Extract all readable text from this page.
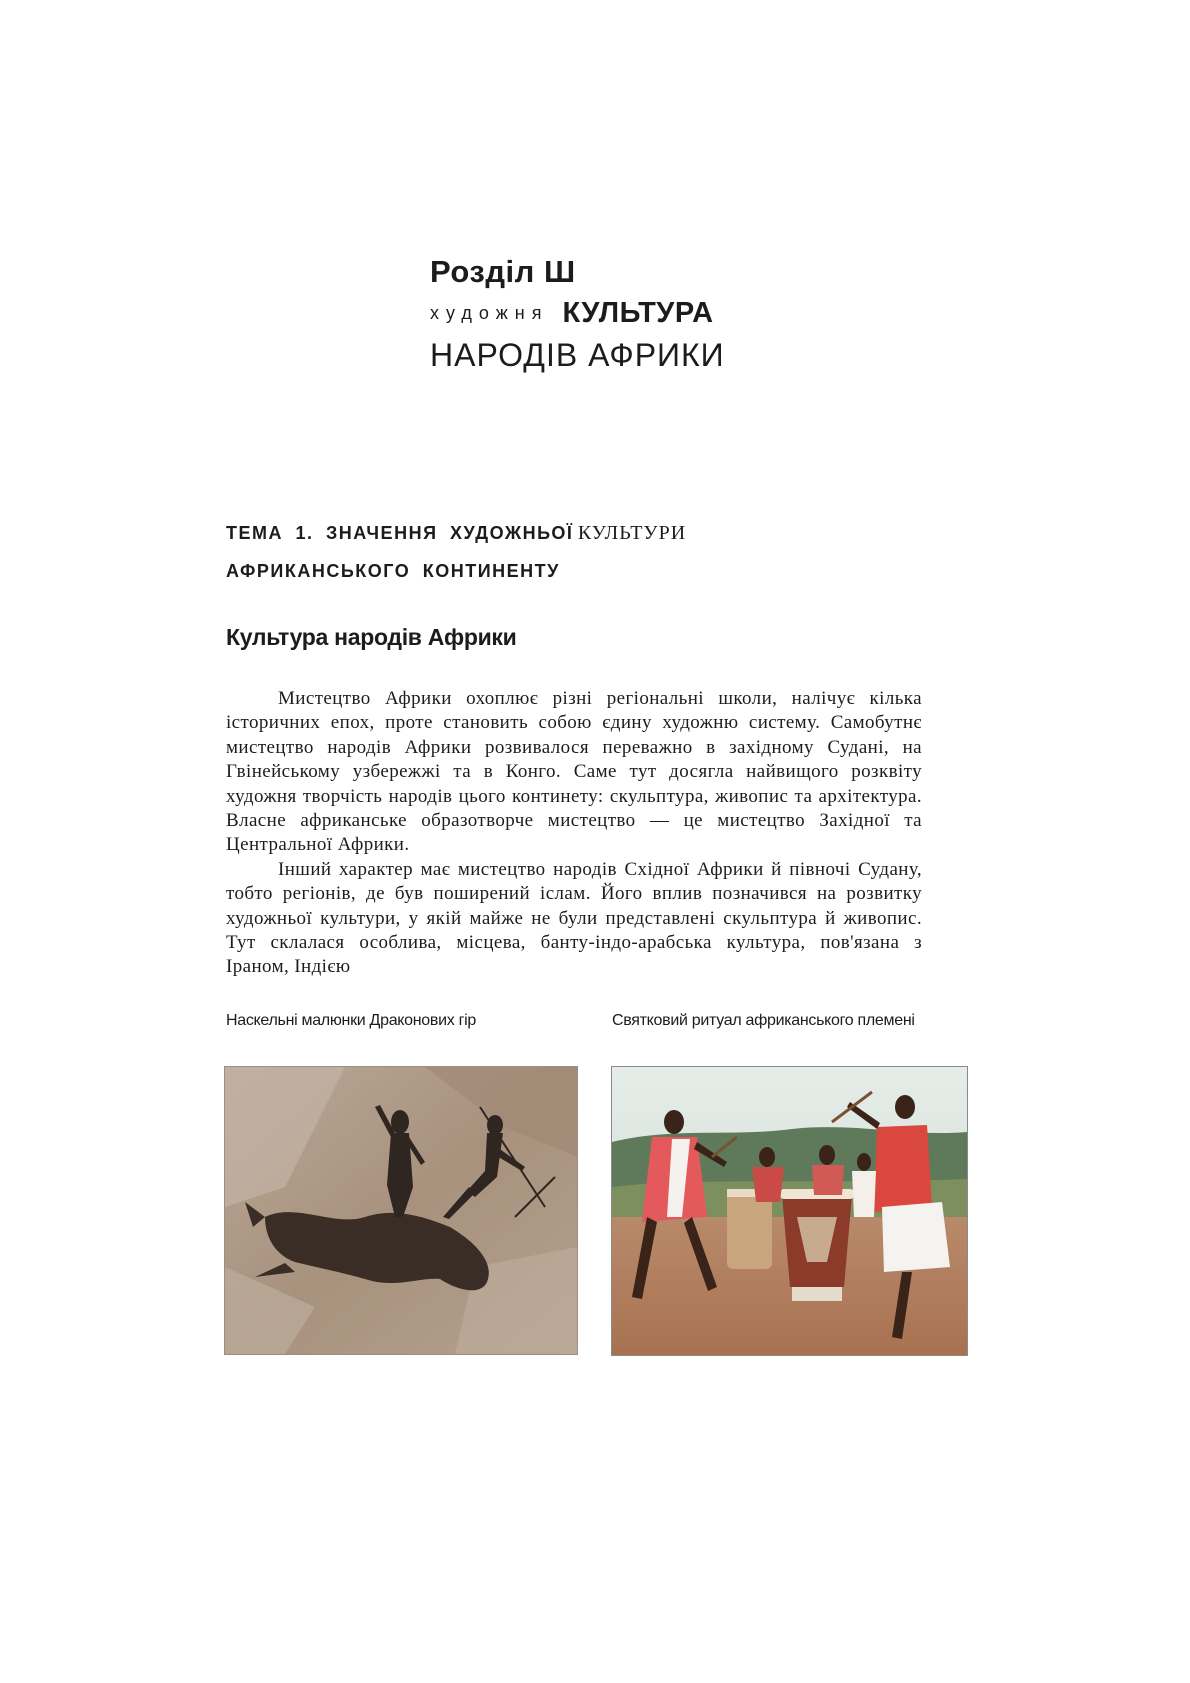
Розділ Ш
художня КУЛЬТУРА
НАРОДІВ АФРИКИ
ТЕМА 1. ЗНАЧЕННЯ ХУДОЖНЬОЇ КУЛЬТУРИ
АФРИКАНСЬКОГО КОНТИНЕНТУ
Культура народів Африки

Мистецтво Африки охоплює різні регіональні школи, налічує кілька історичних епох, проте становить собою єдину художню систему. Самобутнє мистецтво народів Африки розвивалося переважно в західному Судані, на Гвінейському узбережжі та в Конго. Саме тут досягла найвищого розквіту художня творчість народів цього континету: скульптура, живопис та архітектура. Власне африканське образотворче мистецтво — це мистецтво Західної та Центральної Африки.

Інший характер має мистецтво народів Східної Африки й півночі Судану, тобто регіонів, де був поширений іслам. Його вплив позначився на розвитку художньої культури, у якій майже не були представлені скульптура й живопис. Тут склалася особлива, місцева, банту-індо-арабська культура, пов'язана з Іраном, Індією

Наскельні малюнки Драконових гір	Святковий ритуал африканського племені
